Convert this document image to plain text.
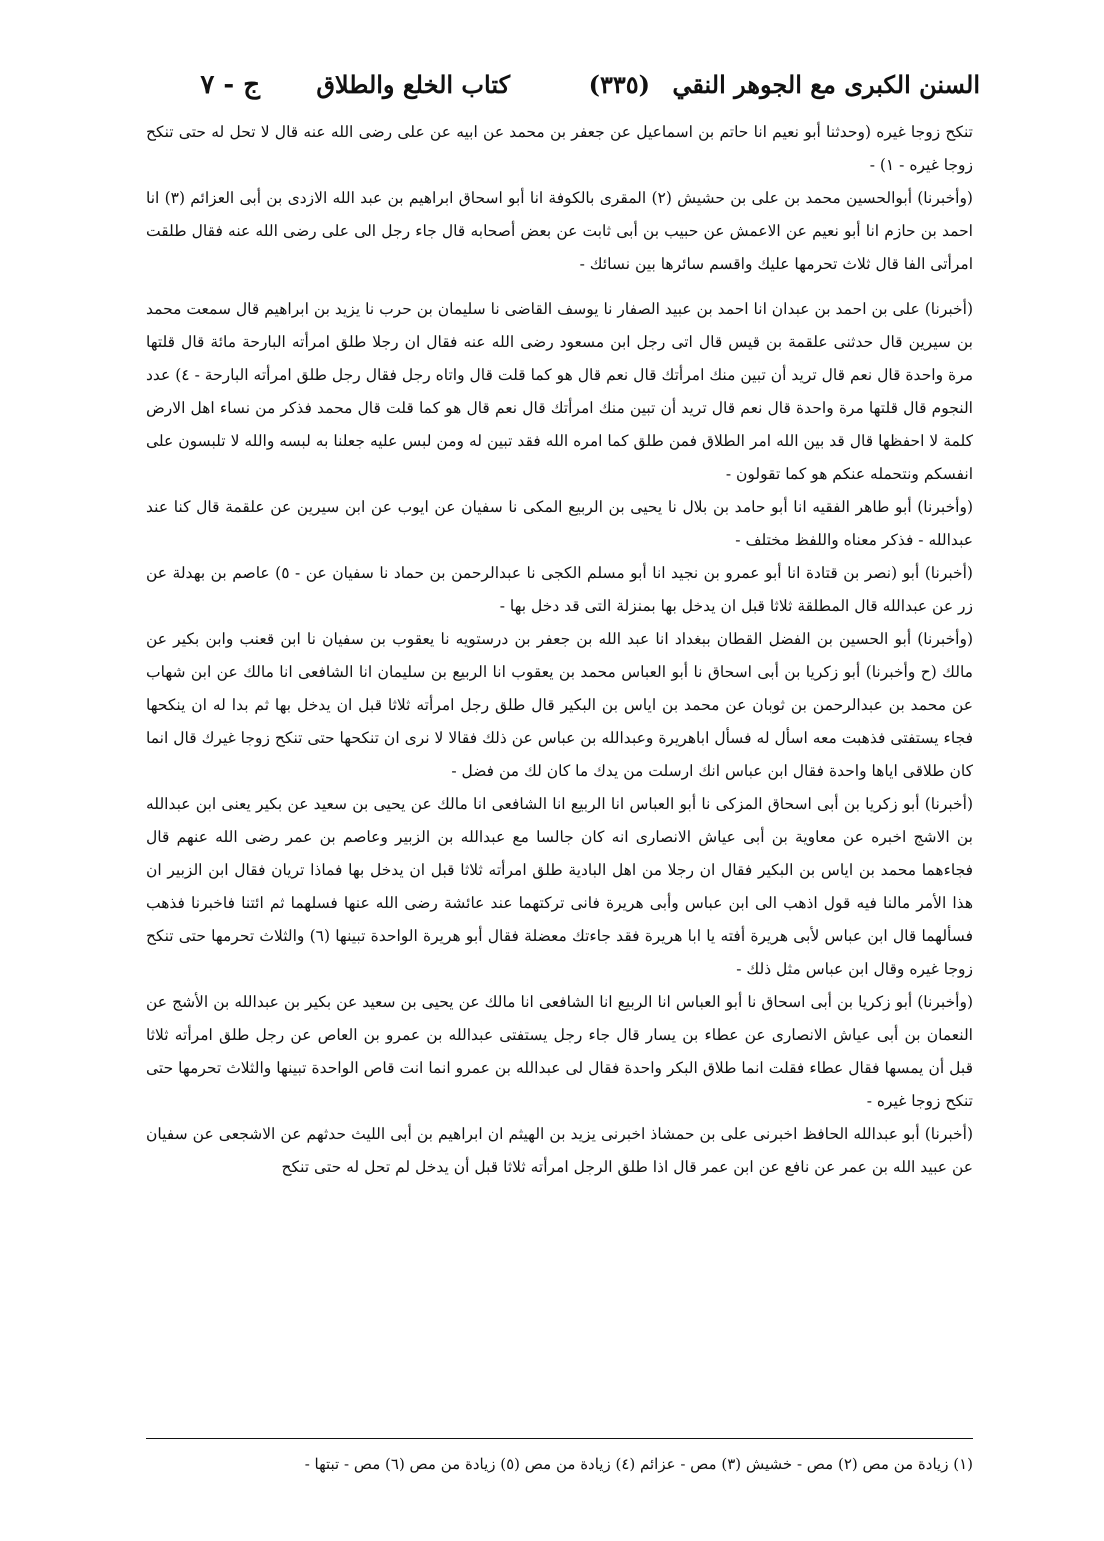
السنن الكبرى مع الجوهر النقي
(٣٣٥)
كتاب الخلع والطلاق
ج - ٧

تنكح زوجا غيره (وحدثنا أبو نعيم انا حاتم بن اسماعيل عن جعفر بن محمد عن ابيه عن على رضى الله عنه قال لا تحل له حتى تنكح زوجا غيره - ١) -

(وأخبرنا) أبوالحسين محمد بن على بن حشيش (٢) المقرى بالكوفة انا أبو اسحاق ابراهيم بن عبد الله الازدى بن أبى العزائم (٣) انا احمد بن حازم انا أبو نعيم عن الاعمش عن حبيب بن أبى ثابت عن بعض أصحابه قال جاء رجل الى على رضى الله عنه فقال طلقت امرأتى الفا قال ثلاث تحرمها عليك واقسم سائرها بين نسائك -

(أخبرنا) على بن احمد بن عبدان انا احمد بن عبيد الصفار نا يوسف القاضى نا سليمان بن حرب نا يزيد بن ابراهيم قال سمعت محمد بن سيرين قال حدثنى علقمة بن قيس قال اتى رجل ابن مسعود رضى الله عنه فقال ان رجلا طلق امرأته البارحة مائة قال قلتها مرة واحدة قال نعم قال تريد أن تبين منك امرأتك قال نعم قال هو كما قلت قال واتاه رجل فقال رجل طلق امرأته البارحة - ٤) عدد النجوم قال قلتها مرة واحدة قال نعم قال تريد أن تبين منك امرأتك قال نعم قال هو كما قلت قال محمد فذكر من نساء اهل الارض كلمة لا احفظها قال قد بين الله امر الطلاق فمن طلق كما امره الله فقد تبين له ومن لبس عليه جعلنا به لبسه والله لا تلبسون على انفسكم ونتحمله عنكم هو كما تقولون -

(وأخبرنا) أبو طاهر الفقيه انا أبو حامد بن بلال نا يحيى بن الربيع المكى نا سفيان عن ايوب عن ابن سيرين عن علقمة قال كنا عند عبدالله - فذكر معناه واللفظ مختلف -

(أخبرنا) أبو (نصر بن قتادة انا أبو عمرو بن نجيد انا أبو مسلم الكجى نا عبدالرحمن بن حماد نا سفيان عن - ٥) عاصم بن بهدلة عن زر عن عبدالله قال المطلقة ثلاثا قبل ان يدخل بها بمنزلة التى قد دخل بها -

(وأخبرنا) أبو الحسين بن الفضل القطان ببغداد انا عبد الله بن جعفر بن درستويه نا يعقوب بن سفيان نا ابن قعنب وابن بكير عن مالك (ح وأخبرنا) أبو زكريا بن أبى اسحاق نا أبو العباس محمد بن يعقوب انا الربيع بن سليمان انا الشافعى انا مالك عن ابن شهاب عن محمد بن عبدالرحمن بن ثوبان عن محمد بن اياس بن البكير قال طلق رجل امرأته ثلاثا قبل ان يدخل بها ثم بدا له ان ينكحها فجاء يستفتى فذهبت معه اسأل له فسأل اباهريرة وعبدالله بن عباس عن ذلك فقالا لا نرى ان تنكحها حتى تنكح زوجا غيرك قال انما كان طلاقى اياها واحدة فقال ابن عباس انك ارسلت من يدك ما كان لك من فضل -

(أخبرنا) أبو زكريا بن أبى اسحاق المزكى نا أبو العباس انا الربيع انا الشافعى انا مالك عن يحيى بن سعيد عن بكير يعنى ابن عبدالله بن الاشج اخبره عن معاوية بن أبى عياش الانصارى انه كان جالسا مع عبدالله بن الزبير وعاصم بن عمر رضى الله عنهم قال فجاءهما محمد بن اياس بن البكير فقال ان رجلا من اهل البادية طلق امرأته ثلاثا قبل ان يدخل بها فماذا تريان فقال ابن الزبير ان هذا الأمر مالنا فيه قول اذهب الى ابن عباس وأبى هريرة فانى تركتهما عند عائشة رضى الله عنها فسلهما ثم ائتنا فاخبرنا فذهب فسألهما قال ابن عباس لأبى هريرة أفته يا ابا هريرة فقد جاءتك معضلة فقال أبو هريرة الواحدة تبينها (٦) والثلاث تحرمها حتى تنكح زوجا غيره وقال ابن عباس مثل ذلك -

(وأخبرنا) أبو زكريا بن أبى اسحاق نا أبو العباس انا الربيع انا الشافعى انا مالك عن يحيى بن سعيد عن بكير بن عبدالله بن الأشج عن النعمان بن أبى عياش الانصارى عن عطاء بن يسار قال جاء رجل يستفتى عبدالله بن عمرو بن العاص عن رجل طلق امرأته ثلاثا قبل أن يمسها فقال عطاء فقلت انما طلاق البكر واحدة فقال لى عبدالله بن عمرو انما انت قاص الواحدة تبينها والثلاث تحرمها حتى تنكح زوجا غيره -

(أخبرنا) أبو عبدالله الحافظ اخبرنى على بن حمشاذ اخبرنى يزيد بن الهيثم ان ابراهيم بن أبى الليث حدثهم عن الاشجعى عن سفيان عن عبيد الله بن عمر عن نافع عن ابن عمر قال اذا طلق الرجل امرأته ثلاثا قبل أن يدخل لم تحل له حتى تنكح

(١) زيادة من مص (٢) مص - خشيش (٣) مص - عزائم (٤) زيادة من مص (٥) زيادة من مص (٦) مص - تبتها -
